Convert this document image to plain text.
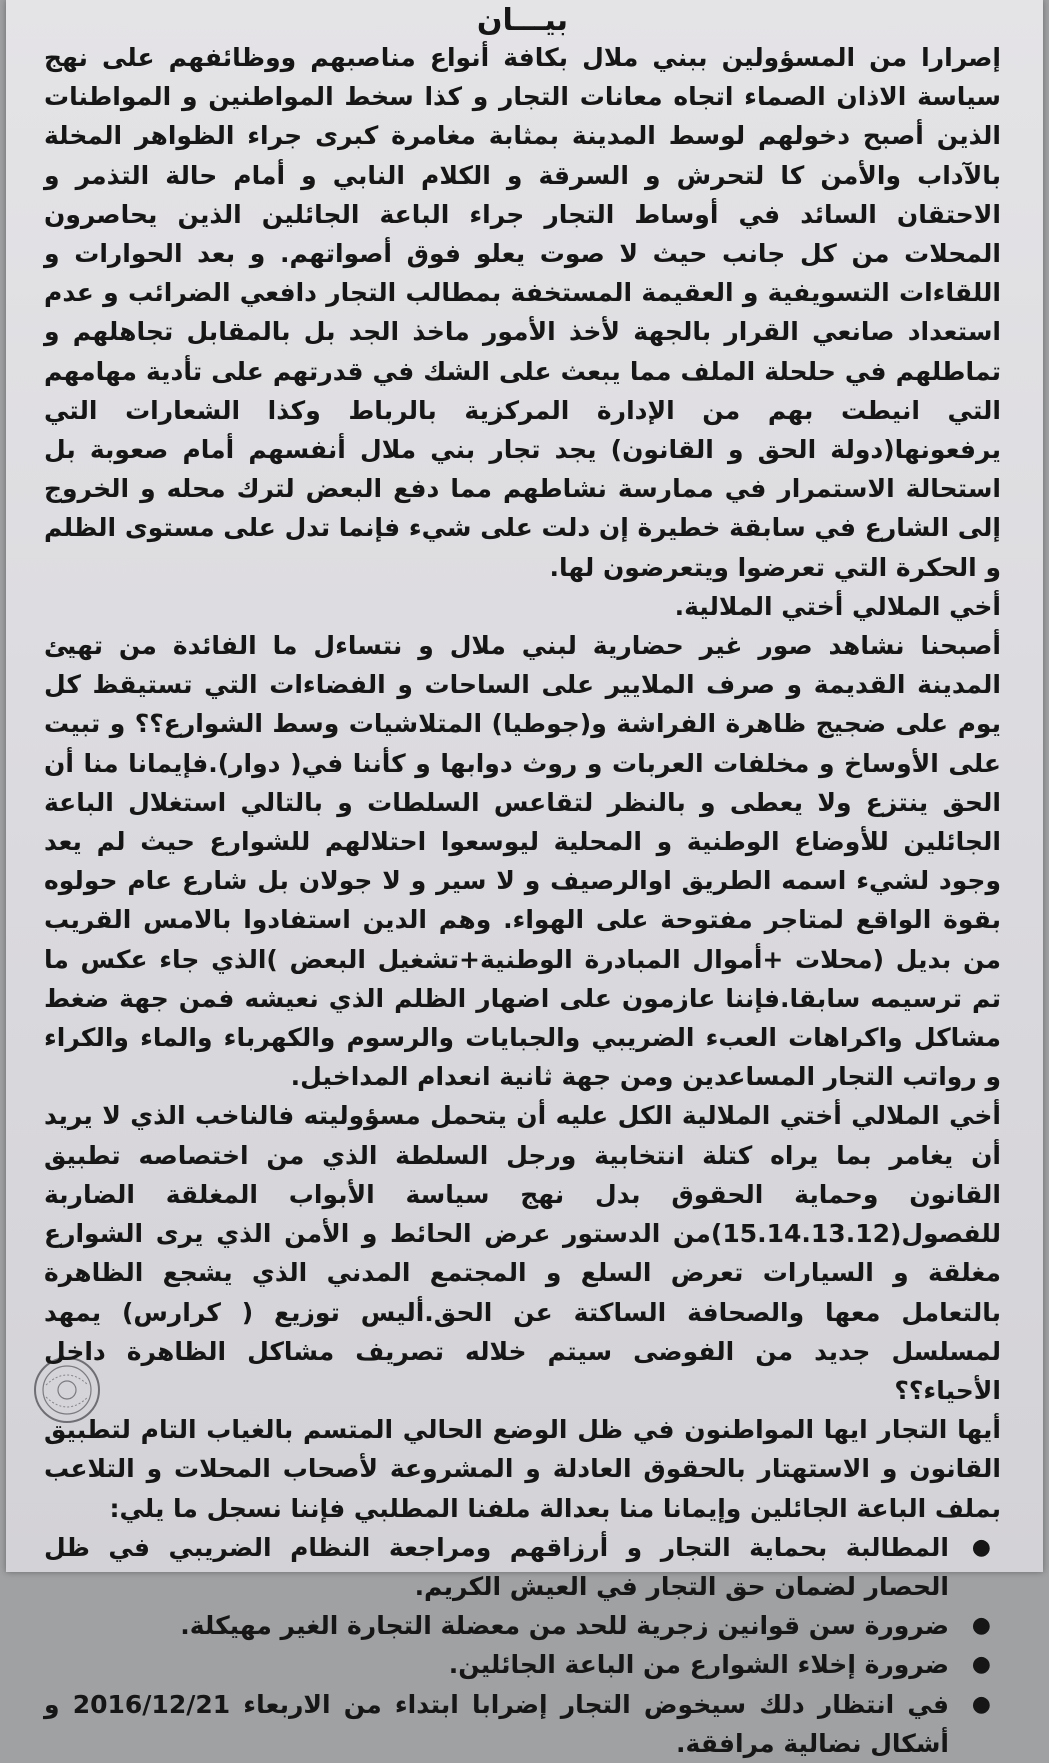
بيـــان

إصرارا من المسؤولين ببني ملال بكافة أنواع مناصبهم ووظائفهم على نهج سياسة الاذان الصماء اتجاه معانات التجار و كذا سخط المواطنين و المواطنات الذين أصبح دخولهم لوسط المدينة بمثابة مغامرة كبرى جراء الظواهر المخلة بالآداب والأمن كا لتحرش و السرقة و الكلام النابي و أمام حالة التذمر و الاحتقان السائد في أوساط التجار جراء الباعة الجائلين الذين يحاصرون المحلات من كل جانب حيث لا صوت يعلو فوق أصواتهم. و بعد الحوارات و اللقاءات التسويفية و العقيمة المستخفة بمطالب التجار دافعي الضرائب و عدم استعداد صانعي القرار بالجهة لأخذ الأمور ماخذ الجد بل بالمقابل تجاهلهم و تماطلهم في حلحلة الملف مما يبعث على الشك في قدرتهم على تأدية مهامهم التي انيطت بهم من الإدارة المركزية بالرباط وكذا الشعارات التي يرفعونها(دولة الحق و القانون) يجد تجار بني ملال أنفسهم أمام صعوبة بل استحالة الاستمرار في ممارسة نشاطهم مما دفع البعض لترك محله و الخروج إلى الشارع في سابقة خطيرة إن دلت على شيء فإنما تدل على مستوى الظلم و الحكرة التي تعرضوا ويتعرضون لها.

أخي الملالي أختي الملالية.

أصبحنا نشاهد صور غير حضارية لبني ملال و نتساءل ما الفائدة من تهيئ المدينة القديمة و صرف الملايير على الساحات و الفضاءات التي تستيقظ كل يوم على ضجيج ظاهرة الفراشة و(جوطيا) المتلاشيات وسط الشوارع؟؟ و تبيت على الأوساخ و مخلفات العربات و روث دوابها و كأننا في( دوار).فإيمانا منا أن الحق ينتزع ولا يعطى و بالنظر لتقاعس السلطات و بالتالي استغلال الباعة الجائلين للأوضاع الوطنية و المحلية ليوسعوا احتلالهم للشوارع حيث لم يعد وجود لشيء اسمه الطريق اوالرصيف و لا سير و لا جولان بل شارع عام حولوه بقوة الواقع لمتاجر مفتوحة على الهواء. وهم الدين استفادوا بالامس القريب من بديل (محلات +أموال المبادرة الوطنية+تشغيل البعض )الذي جاء عكس ما تم ترسيمه سابقا.فإننا عازمون على اضهار الظلم الذي نعيشه فمن جهة ضغط مشاكل واكراهات العبء الضريبي والجبايات والرسوم والكهرباء والماء والكراء و رواتب التجار المساعدين ومن جهة ثانية انعدام المداخيل.

أخي الملالي أختي الملالية الكل عليه أن يتحمل مسؤوليته فالناخب الذي لا يريد أن يغامر بما يراه كتلة انتخابية ورجل السلطة الذي من اختصاصه تطبيق القانون وحماية الحقوق بدل نهج سياسة الأبواب المغلقة الضاربة للفصول(15.14.13.12)من الدستور عرض الحائط و الأمن الذي يرى الشوارع مغلقة و السيارات تعرض السلع و المجتمع المدني الذي يشجع الظاهرة بالتعامل معها والصحافة الساكتة عن الحق.أليس توزيع ( كرارس) يمهد لمسلسل جديد من الفوضى سيتم خلاله تصريف مشاكل الظاهرة داخل الأحياء؟؟

أيها التجار ايها المواطنون في ظل الوضع الحالي المتسم بالغياب التام لتطبيق القانون و الاستهتار بالحقوق العادلة و المشروعة لأصحاب المحلات و التلاعب بملف الباعة الجائلين وإيمانا منا بعدالة ملفنا المطلبي فإننا نسجل ما يلي:

●
المطالبة بحماية التجار و أرزاقهم ومراجعة النظام الضريبي في ظل الحصار لضمان حق التجار في العيش الكريم.
●
ضرورة سن قوانين زجرية للحد من معضلة التجارة الغير مهيكلة.
●
ضرورة إخلاء الشوارع من الباعة الجائلين.
●
في انتظار دلك سيخوض التجار إضرابا ابتداء من الاربعاء 2016/12/21 و أشكال نضالية مرافقة.
